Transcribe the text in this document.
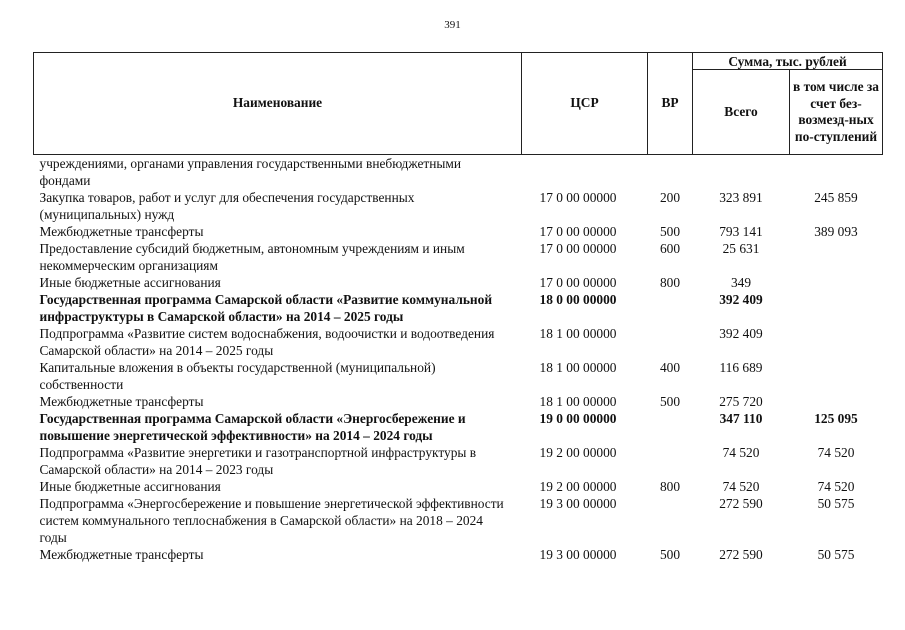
391
Наименование	ЦСР	ВР	Сумма, тыс. рублей	
			Всего	в том числе за счет без-возмезд-ных по-ступлений
учреждениями, органами управления государственными внебюджетными фондами				
Закупка товаров, работ и услуг для обеспечения государственных (муниципальных) нужд	17 0 00 00000	200	323 891	245 859
Межбюджетные трансферты	17 0 00 00000	500	793 141	389 093
Предоставление субсидий бюджетным, автономным учреждениям и иным некоммерческим организациям	17 0 00 00000	600	25 631	
Иные бюджетные ассигнования	17 0 00 00000	800	349	
Государственная программа Самарской области «Развитие коммунальной инфраструктуры в Самарской области» на 2014 – 2025 годы	18 0 00 00000		392 409	
Подпрограмма «Развитие систем водоснабжения, водоочистки и водоотведения Самарской области» на 2014 – 2025 годы	18 1 00 00000		392 409	
Капитальные вложения в объекты государственной (муниципальной) собственности	18 1 00 00000	400	116 689	
Межбюджетные трансферты	18 1 00 00000	500	275 720	
Государственная программа Самарской области «Энергосбережение и повышение энергетической эффективности» на 2014 – 2024 годы	19 0 00 00000		347 110	125 095
Подпрограмма «Развитие энергетики и газотранспортной инфраструктуры в Самарской области» на 2014 – 2023 годы	19 2 00 00000		74 520	74 520
Иные бюджетные ассигнования	19 2 00 00000	800	74 520	74 520
Подпрограмма «Энергосбережение и повышение энергетической эффективности систем коммунального теплоснабжения в Самарской области» на 2018 – 2024 годы	19 3 00 00000		272 590	50 575
Межбюджетные трансферты	19 3 00 00000	500	272 590	50 575
